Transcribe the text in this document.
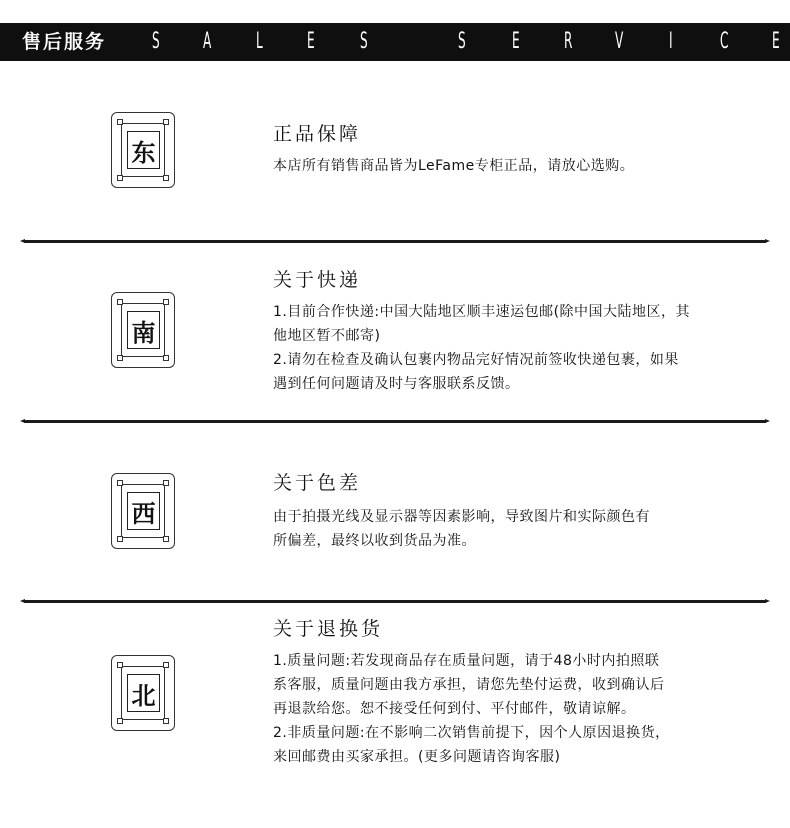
售后服务 S A L E S	S E R V I C E
东
正品保障

本店所有销售商品皆为LeFame专柜正品，请放心选购。

南
关于快递

1.目前合作快递:中国大陆地区顺丰速运包邮(除中国大陆地区，其

他地区暂不邮寄)

2.请勿在检查及确认包裹内物品完好情况前签收快递包裹，如果

遇到任何问题请及时与客服联系反馈。

西
关于色差

由于拍摄光线及显示器等因素影响，导致图片和实际颜色有

所偏差，最终以收到货品为准。

北
关于退换货

1.质量问题:若发现商品存在质量问题，请于48小时内拍照联

系客服，质量问题由我方承担，请您先垫付运费，收到确认后

再退款给您。恕不接受任何到付、平付邮件，敬请谅解。

2.非质量问题:在不影响二次销售前提下，因个人原因退换货，

来回邮费由买家承担。(更多问题请咨询客服)
